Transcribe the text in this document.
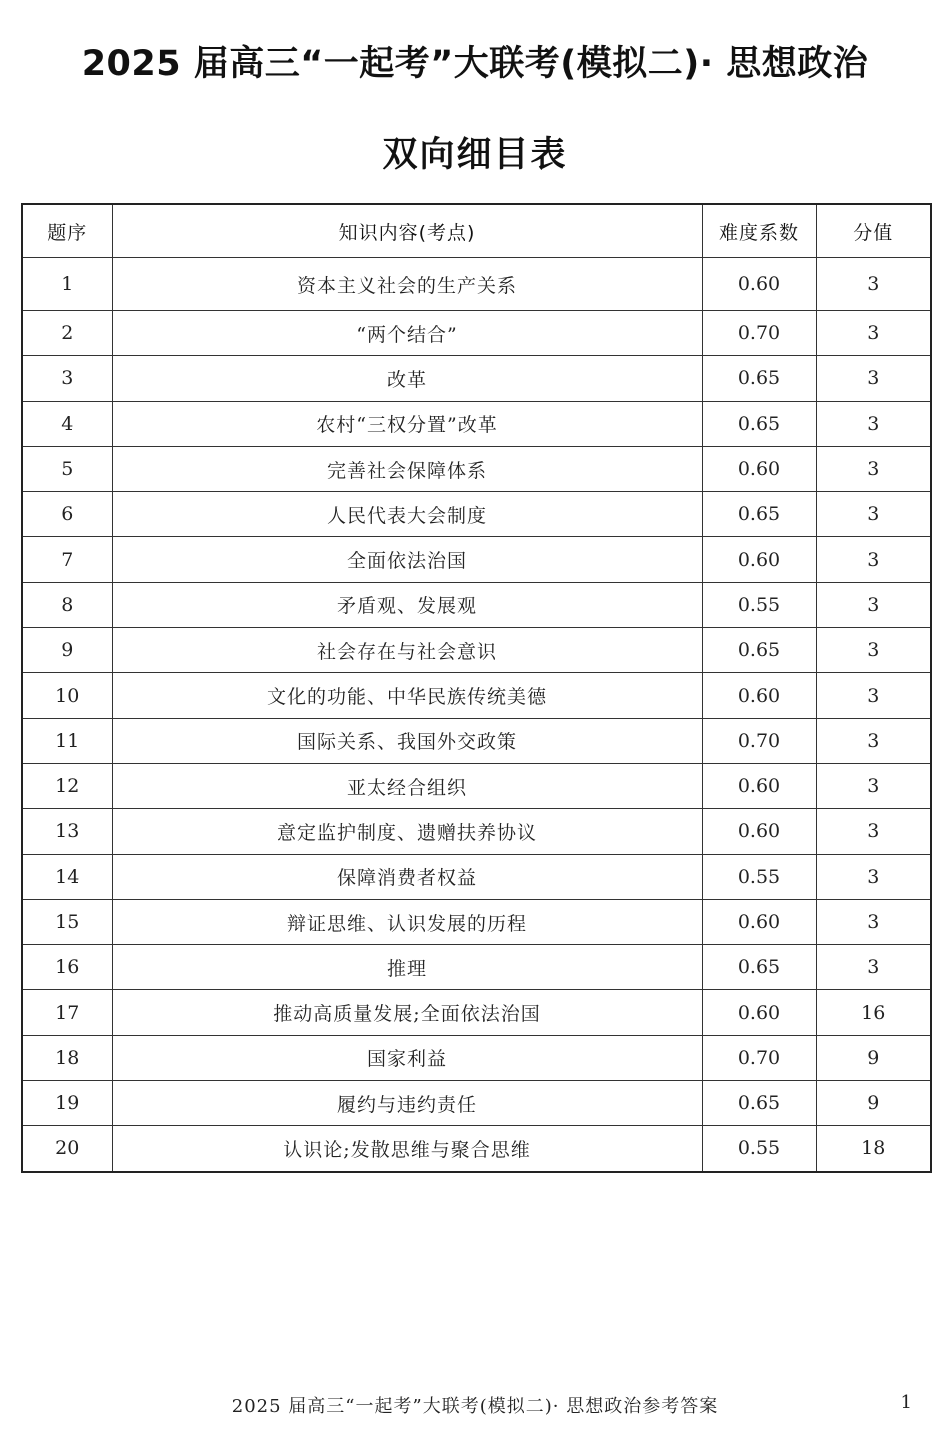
2025 届高三“一起考”大联考(模拟二)· 思想政治
双向细目表
题序	知识内容(考点)	难度系数	分值
1	资本主义社会的生产关系	0.60	3
2	“两个结合”	0.70	3
3	改革	0.65	3
4	农村“三权分置”改革	0.65	3
5	完善社会保障体系	0.60	3
6	人民代表大会制度	0.65	3
7	全面依法治国	0.60	3
8	矛盾观、发展观	0.55	3
9	社会存在与社会意识	0.65	3
10	文化的功能、中华民族传统美德	0.60	3
11	国际关系、我国外交政策	0.70	3
12	亚太经合组织	0.60	3
13	意定监护制度、遗赠扶养协议	0.60	3
14	保障消费者权益	0.55	3
15	辩证思维、认识发展的历程	0.60	3
16	推理	0.65	3
17	推动高质量发展;全面依法治国	0.60	16
18	国家利益	0.70	9
19	履约与违约责任	0.65	9
20	认识论;发散思维与聚合思维	0.55	18
2025 届高三“一起考”大联考(模拟二)· 思想政治参考答案	1
